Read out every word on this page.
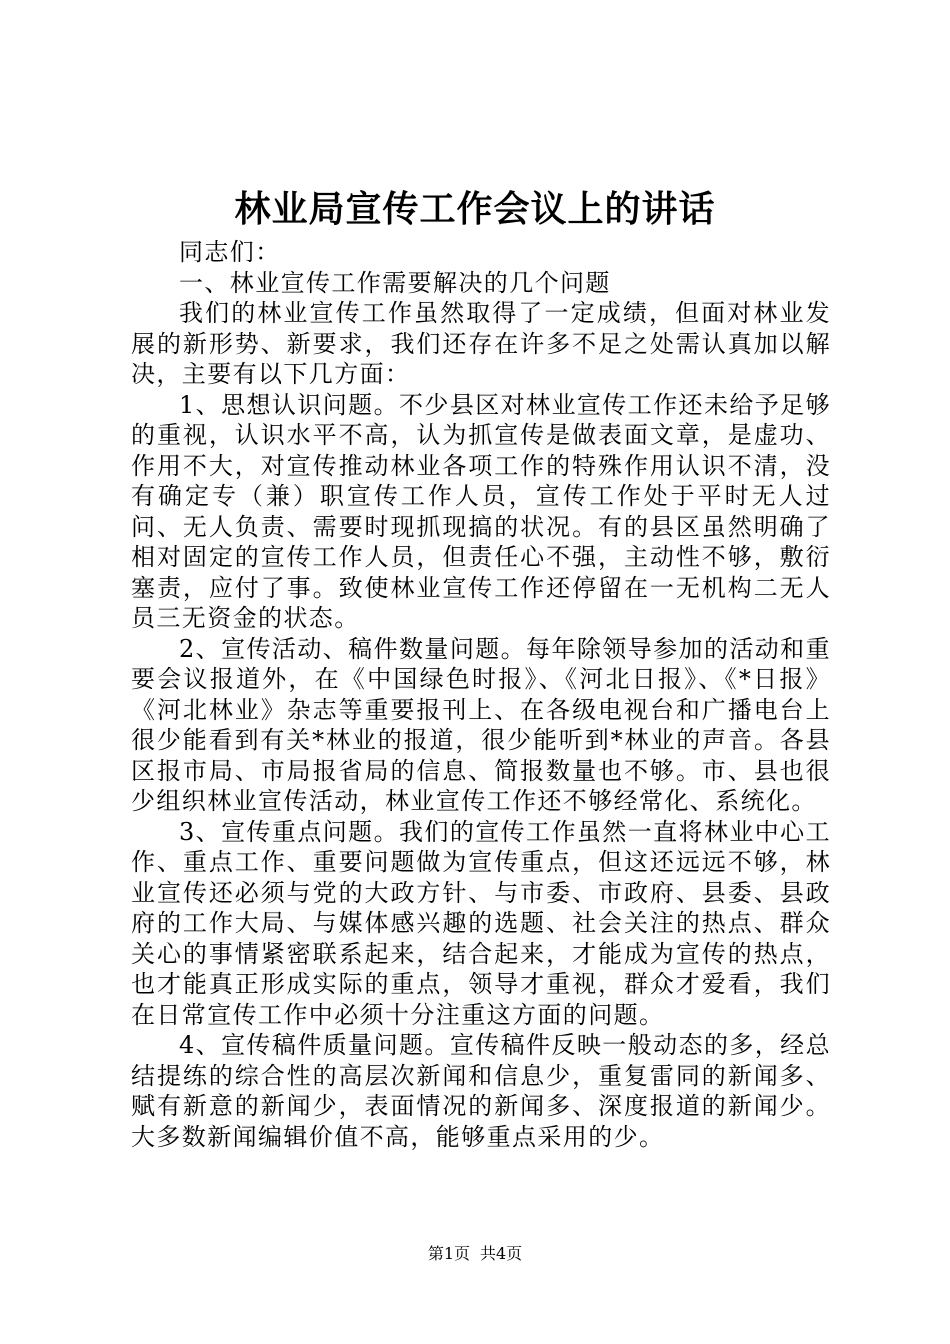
林业局宣传工作会议上的讲话

同志们：

一、林业宣传工作需要解决的几个问题

我们的林业宣传工作虽然取得了一定成绩，但面对林业发展的新形势、新要求，我们还存在许多不足之处需认真加以解决，主要有以下几方面：

1、思想认识问题。不少县区对林业宣传工作还未给予足够的重视，认识水平不高，认为抓宣传是做表面文章，是虚功、作用不大，对宣传推动林业各项工作的特殊作用认识不清，没有确定专（兼）职宣传工作人员，宣传工作处于平时无人过问、无人负责、需要时现抓现搞的状况。有的县区虽然明确了相对固定的宣传工作人员，但责任心不强，主动性不够，敷衍塞责，应付了事。致使林业宣传工作还停留在一无机构二无人员三无资金的状态。

2、宣传活动、稿件数量问题。每年除领导参加的活动和重要会议报道外，在《中国绿色时报》、《河北日报》、《*日报》《河北林业》杂志等重要报刊上、在各级电视台和广播电台上很少能看到有关*林业的报道，很少能听到*林业的声音。各县区报市局、市局报省局的信息、简报数量也不够。市、县也很少组织林业宣传活动，林业宣传工作还不够经常化、系统化。

3、宣传重点问题。我们的宣传工作虽然一直将林业中心工作、重点工作、重要问题做为宣传重点，但这还远远不够，林业宣传还必须与党的大政方针、与市委、市政府、县委、县政府的工作大局、与媒体感兴趣的选题、社会关注的热点、群众关心的事情紧密联系起来，结合起来，才能成为宣传的热点，也才能真正形成实际的重点，领导才重视，群众才爱看，我们在日常宣传工作中必须十分注重这方面的问题。

4、宣传稿件质量问题。宣传稿件反映一般动态的多，经总结提练的综合性的高层次新闻和信息少，重复雷同的新闻多、赋有新意的新闻少，表面情况的新闻多、深度报道的新闻少。大多数新闻编辑价值不高，能够重点采用的少。

第1页 共4页
